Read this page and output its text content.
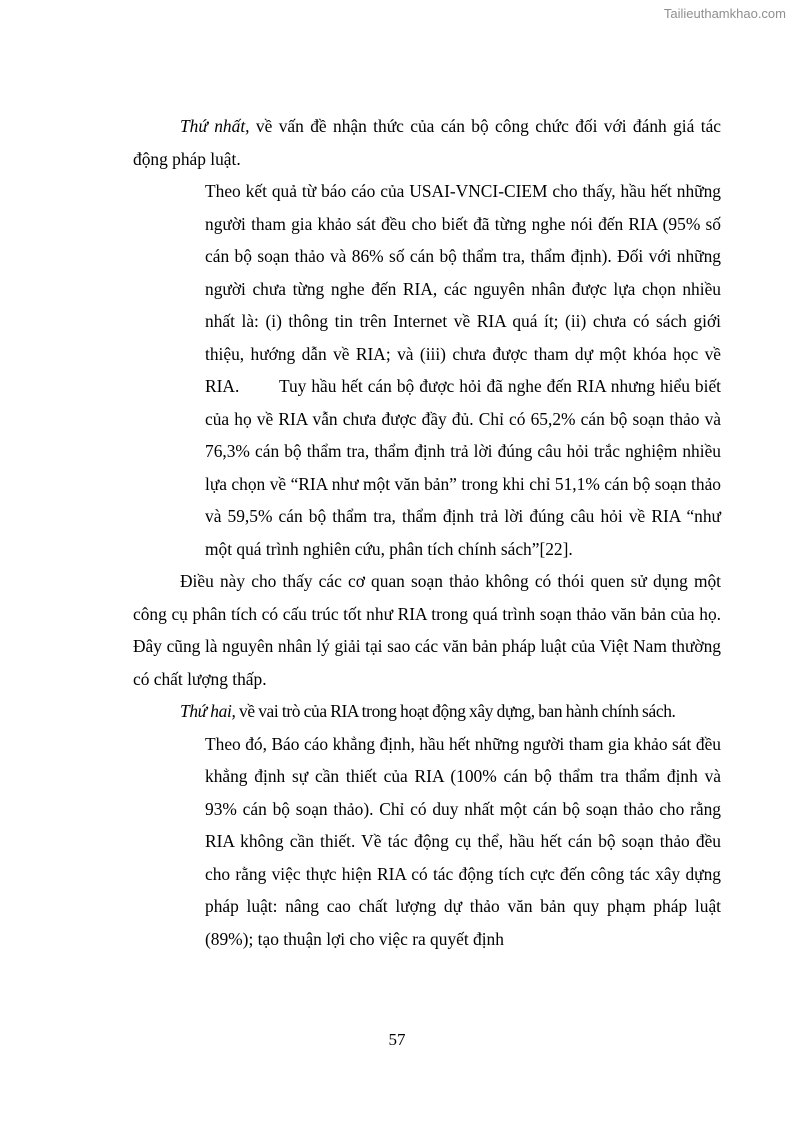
Tailieuthamkhao.com

Thứ nhất, về vấn đề nhận thức của cán bộ công chức đối với đánh giá tác động pháp luật.

Theo kết quả từ báo cáo của USAI-VNCI-CIEM cho thấy, hầu hết những người tham gia khảo sát đều cho biết đã từng nghe nói đến RIA (95% số cán bộ soạn thảo và 86% số cán bộ thẩm tra, thẩm định). Đối với những người chưa từng nghe đến RIA, các nguyên nhân được lựa chọn nhiều nhất là: (i) thông tin trên Internet về RIA quá ít; (ii) chưa có sách giới thiệu, hướng dẫn về RIA; và (iii) chưa được tham dự một khóa học về RIA.        Tuy hầu hết cán bộ được hỏi đã nghe đến RIA nhưng hiểu biết của họ về RIA vẫn chưa được đầy đủ. Chỉ có 65,2% cán bộ soạn thảo và 76,3% cán bộ thẩm tra, thẩm định trả lời đúng câu hỏi trắc nghiệm nhiều lựa chọn về “RIA như một văn bản” trong khi chỉ 51,1% cán bộ soạn thảo và 59,5% cán bộ thẩm tra, thẩm định trả lời đúng câu hỏi về RIA “như một quá trình nghiên cứu, phân tích chính sách”[22].

Điều này cho thấy các cơ quan soạn thảo không có thói quen sử dụng một công cụ phân tích có cấu trúc tốt như RIA trong quá trình soạn thảo văn bản của họ. Đây cũng là nguyên nhân lý giải tại sao các văn bản pháp luật của Việt Nam thường có chất lượng thấp.

Thứ hai, về vai trò của RIA trong hoạt động xây dựng, ban hành chính sách.

Theo đó, Báo cáo khẳng định, hầu hết những người tham gia khảo sát đều khẳng định sự cần thiết của RIA (100% cán bộ thẩm tra thẩm định và 93% cán bộ soạn thảo). Chỉ có duy nhất một cán bộ soạn thảo cho rằng RIA không cần thiết. Về tác động cụ thể, hầu hết cán bộ soạn thảo đều cho rằng việc thực hiện RIA có tác động tích cực đến công tác xây dựng pháp luật: nâng cao chất lượng dự thảo văn bản quy phạm pháp luật (89%); tạo thuận lợi cho việc ra quyết định

57
